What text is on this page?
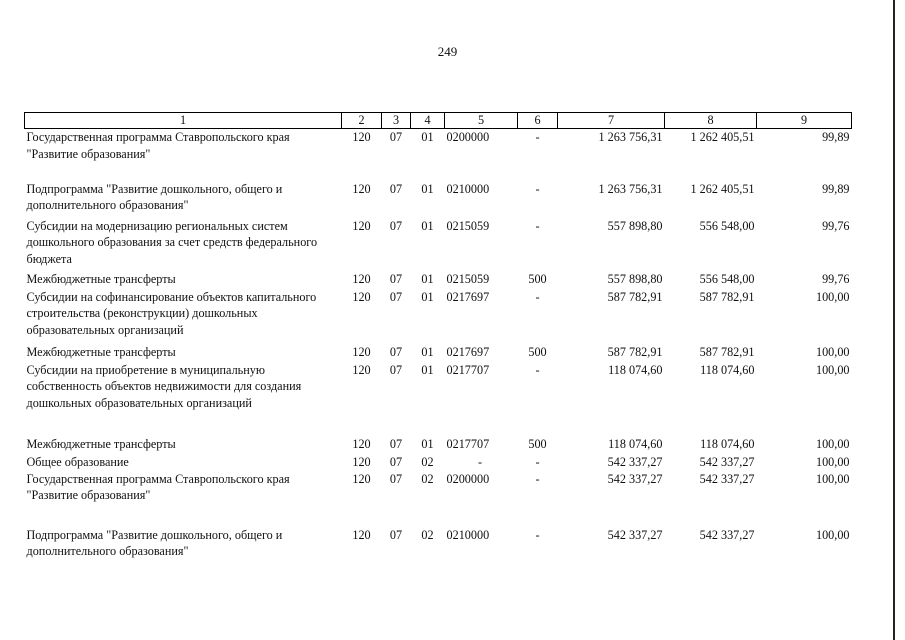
249
1	2	3	4	5	6	7	8	9
Государственная программа Ставропольского края "Развитие образования"	120	07	01	0200000	-	1 263 756,31	1 262 405,51	99,89
Подпрограмма "Развитие дошкольного, общего и дополнительного образования"	120	07	01	0210000	-	1 263 756,31	1 262 405,51	99,89
Субсидии на модернизацию региональных систем дошкольного образования за счет средств федерального бюджета	120	07	01	0215059	-	557 898,80	556 548,00	99,76
Межбюджетные трансферты	120	07	01	0215059	500	557 898,80	556 548,00	99,76
Субсидии на софинансирование объектов капитального строительства (реконструкции) дошкольных образовательных организаций	120	07	01	0217697	-	587 782,91	587 782,91	100,00
Межбюджетные трансферты	120	07	01	0217697	500	587 782,91	587 782,91	100,00
Субсидии на приобретение в муниципальную собственность объектов недвижимости для создания дошкольных образовательных организаций	120	07	01	0217707	-	118 074,60	118 074,60	100,00
Межбюджетные трансферты	120	07	01	0217707	500	118 074,60	118 074,60	100,00
Общее образование	120	07	02	-	-	542 337,27	542 337,27	100,00
Государственная программа Ставропольского края "Развитие образования"	120	07	02	0200000	-	542 337,27	542 337,27	100,00
Подпрограмма "Развитие дошкольного, общего и дополнительного образования"	120	07	02	0210000	-	542 337,27	542 337,27	100,00
